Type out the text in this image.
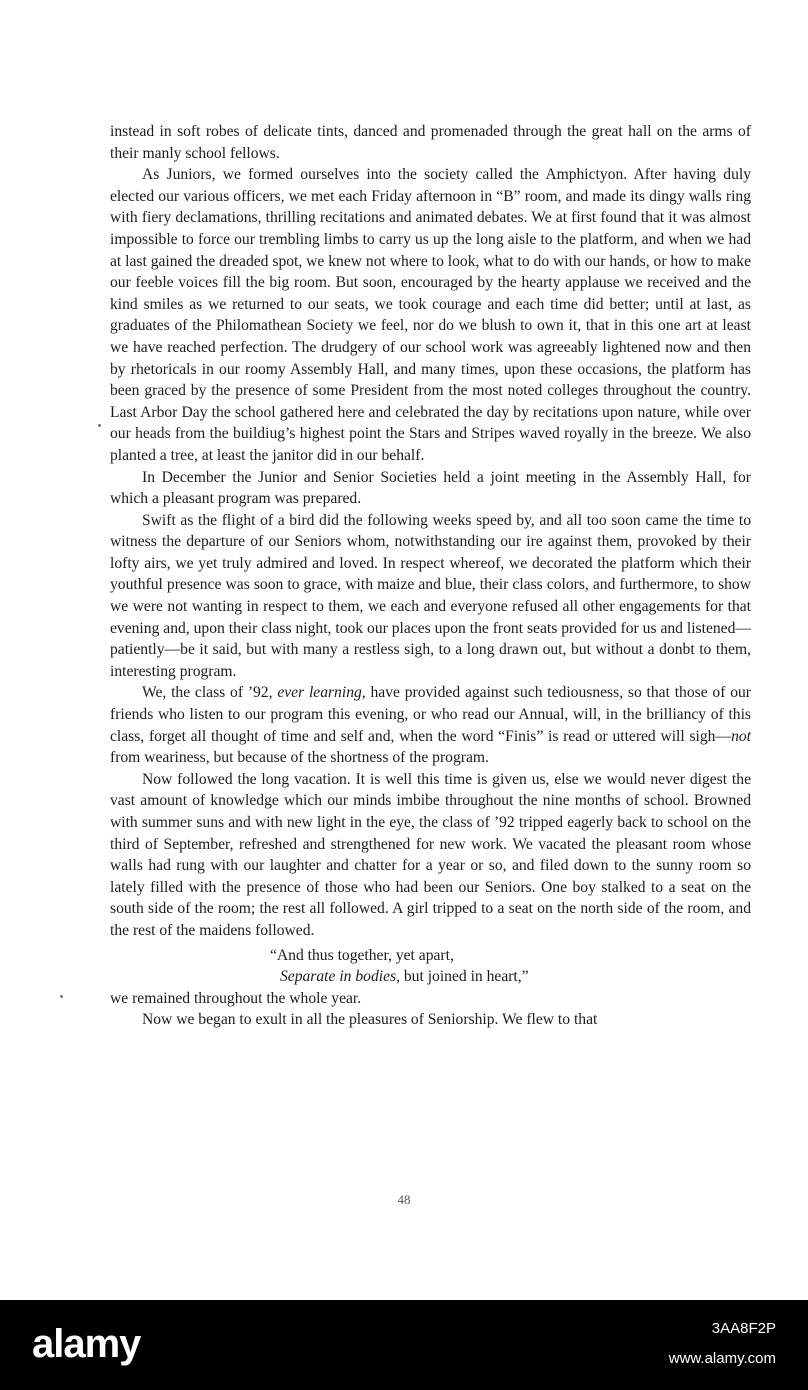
instead in soft robes of delicate tints, danced and promenaded through the great hall on the arms of their manly school fellows.

As Juniors, we formed ourselves into the society called the Amphictyon. After having duly elected our various officers, we met each Friday afternoon in “B” room, and made its dingy walls ring with fiery declamations, thrilling recitations and animated debates. We at first found that it was almost impossible to force our trembling limbs to carry us up the long aisle to the platform, and when we had at last gained the dreaded spot, we knew not where to look, what to do with our hands, or how to make our feeble voices fill the big room. But soon, encouraged by the hearty applause we received and the kind smiles as we returned to our seats, we took courage and each time did better; until at last, as graduates of the Philomathean Society we feel, nor do we blush to own it, that in this one art at least we have reached perfection. The drudgery of our school work was agreeably lightened now and then by rhetoricals in our roomy Assembly Hall, and many times, upon these occasions, the platform has been graced by the presence of some President from the most noted colleges throughout the country. Last Arbor Day the school gathered here and celebrated the day by recitations upon nature, while over our heads from the buildiug’s highest point the Stars and Stripes waved royally in the breeze. We also planted a tree, at least the janitor did in our behalf.

In December the Junior and Senior Societies held a joint meeting in the Assembly Hall, for which a pleasant program was prepared.

Swift as the flight of a bird did the following weeks speed by, and all too soon came the time to witness the departure of our Seniors whom, notwithstanding our ire against them, provoked by their lofty airs, we yet truly admired and loved. In respect whereof, we decorated the platform which their youthful presence was soon to grace, with maize and blue, their class colors, and furthermore, to show we were not wanting in respect to them, we each and everyone refused all other engagements for that evening and, upon their class night, took our places upon the front seats provided for us and listened—patiently—be it said, but with many a restless sigh, to a long drawn out, but without a donbt to them, interesting program.

We, the class of ’92, ever learning, have provided against such tediousness, so that those of our friends who listen to our program this evening, or who read our Annual, will, in the brilliancy of this class, forget all thought of time and self and, when the word “Finis” is read or uttered will sigh—not from weariness, but because of the shortness of the program.

Now followed the long vacation. It is well this time is given us, else we would never digest the vast amount of knowledge which our minds imbibe throughout the nine months of school. Browned with summer suns and with new light in the eye, the class of ’92 tripped eagerly back to school on the third of September, refreshed and strengthened for new work. We vacated the pleasant room whose walls had rung with our laughter and chatter for a year or so, and filed down to the sunny room so lately filled with the presence of those who had been our Seniors. One boy stalked to a seat on the south side of the room; the rest all followed. A girl tripped to a seat on the north side of the room, and the rest of the maidens followed.

“And thus together, yet apart,
Separate in bodies, but joined in heart,”

we remained throughout the whole year.

Now we began to exult in all the pleasures of Seniorship. We flew to that

48
alamy	3AA8F2P
www.alamy.com
